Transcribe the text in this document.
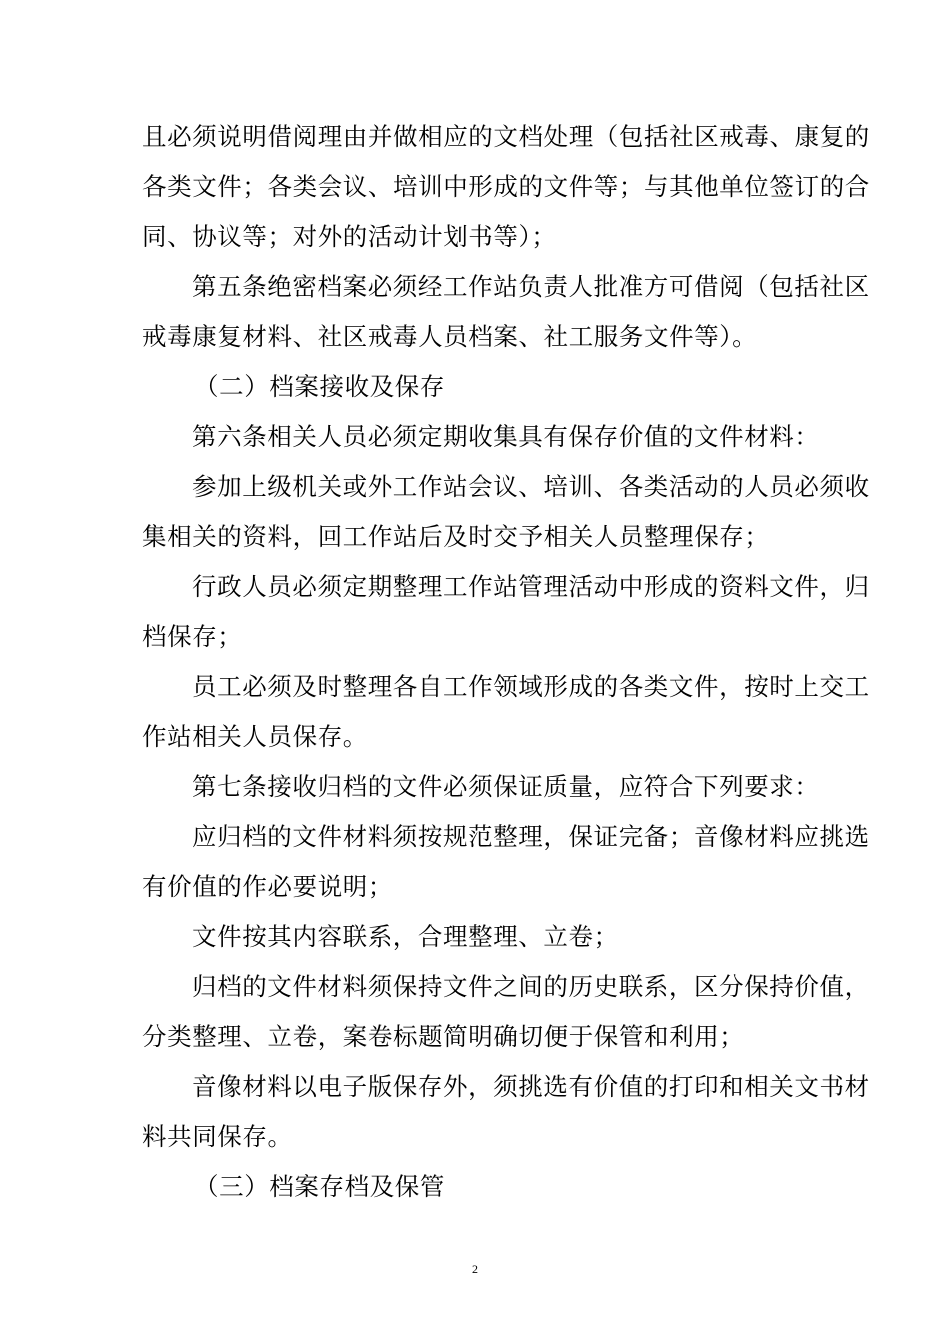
且必须说明借阅理由并做相应的文档处理（包括社区戒毒、康复的
各类文件；各类会议、培训中形成的文件等；与其他单位签订的合
同、协议等；对外的活动计划书等）；
第五条绝密档案必须经工作站负责人批准方可借阅（包括社区
戒毒康复材料、社区戒毒人员档案、社工服务文件等）。
（二）档案接收及保存
第六条相关人员必须定期收集具有保存价值的文件材料：
参加上级机关或外工作站会议、培训、各类活动的人员必须收
集相关的资料，回工作站后及时交予相关人员整理保存；
行政人员必须定期整理工作站管理活动中形成的资料文件，归
档保存；
员工必须及时整理各自工作领域形成的各类文件，按时上交工
作站相关人员保存。
第七条接收归档的文件必须保证质量，应符合下列要求：
应归档的文件材料须按规范整理，保证完备；音像材料应挑选
有价值的作必要说明；
文件按其内容联系，合理整理、立卷；
归档的文件材料须保持文件之间的历史联系，区分保持价值，
分类整理、立卷，案卷标题简明确切便于保管和利用；
音像材料以电子版保存外，须挑选有价值的打印和相关文书材
料共同保存。
（三）档案存档及保管
2
